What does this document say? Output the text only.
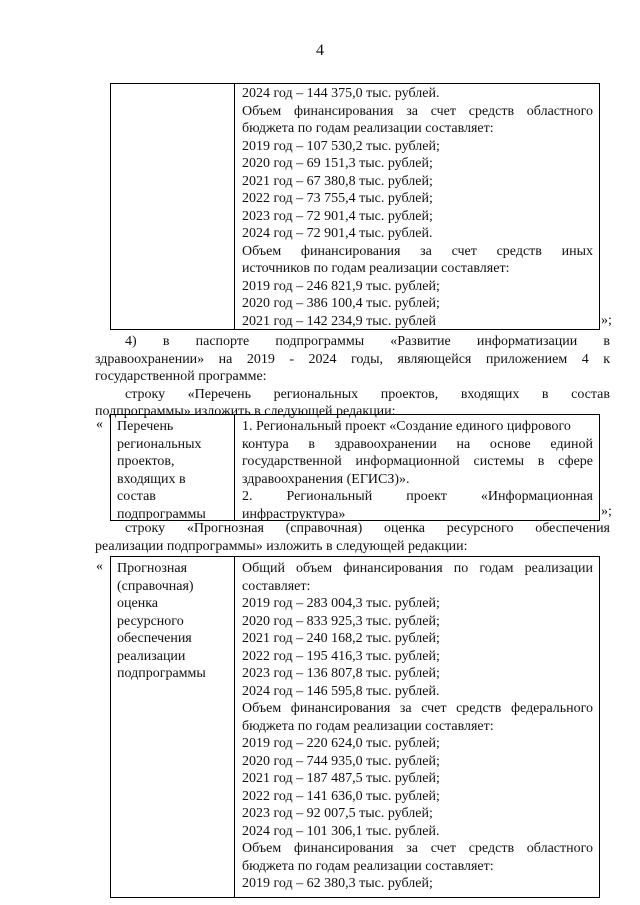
4
2024 год – 144 375,0 тыс. рублей.
Объем финансирования за счет средств областного
бюджета по годам реализации составляет:
2019 год – 107 530,2 тыс. рублей;
2020 год – 69 151,3 тыс. рублей;
2021 год – 67 380,8 тыс. рублей;
2022 год – 73 755,4 тыс. рублей;
2023 год – 72 901,4 тыс. рублей;
2024 год – 72 901,4 тыс. рублей.
Объем финансирования за счет средств иных
источников по годам реализации составляет:
2019 год – 246 821,9 тыс. рублей;
2020 год – 386 100,4 тыс. рублей;
2021 год – 142 234,9 тыс. рублей	»;
4) в паспорте подпрограммы «Развитие информатизации в
здравоохранении» на 2019 - 2024 годы, являющейся приложением 4 к
государственной программе:
строку «Перечень региональных проектов, входящих в состав
подпрограммы» изложить в следующей редакции:
« Перечень
региональных
проектов,
входящих в
состав
подпрограммы
1. Региональный проект «Создание единого цифрового
контура в здравоохранении на основе единой
государственной информационной системы в сфере
здравоохранения (ЕГИСЗ)».
2. Региональный проект «Информационная
инфраструктура»	»;
строку «Прогнозная (справочная) оценка ресурсного обеспечения
реализации подпрограммы» изложить в следующей редакции:
« Прогнозная
(справочная)
оценка
ресурсного
обеспечения
реализации
подпрограммы
Общий объем финансирования по годам реализации
составляет:
2019 год – 283 004,3 тыс. рублей;
2020 год – 833 925,3 тыс. рублей;
2021 год – 240 168,2 тыс. рублей;
2022 год – 195 416,3 тыс. рублей;
2023 год – 136 807,8 тыс. рублей;
2024 год – 146 595,8 тыс. рублей.
Объем финансирования за счет средств федерального
бюджета по годам реализации составляет:
2019 год – 220 624,0 тыс. рублей;
2020 год – 744 935,0 тыс. рублей;
2021 год – 187 487,5 тыс. рублей;
2022 год – 141 636,0 тыс. рублей;
2023 год – 92 007,5 тыс. рублей;
2024 год – 101 306,1 тыс. рублей.
Объем финансирования за счет средств областного
бюджета по годам реализации составляет:
2019 год – 62 380,3 тыс. рублей;
